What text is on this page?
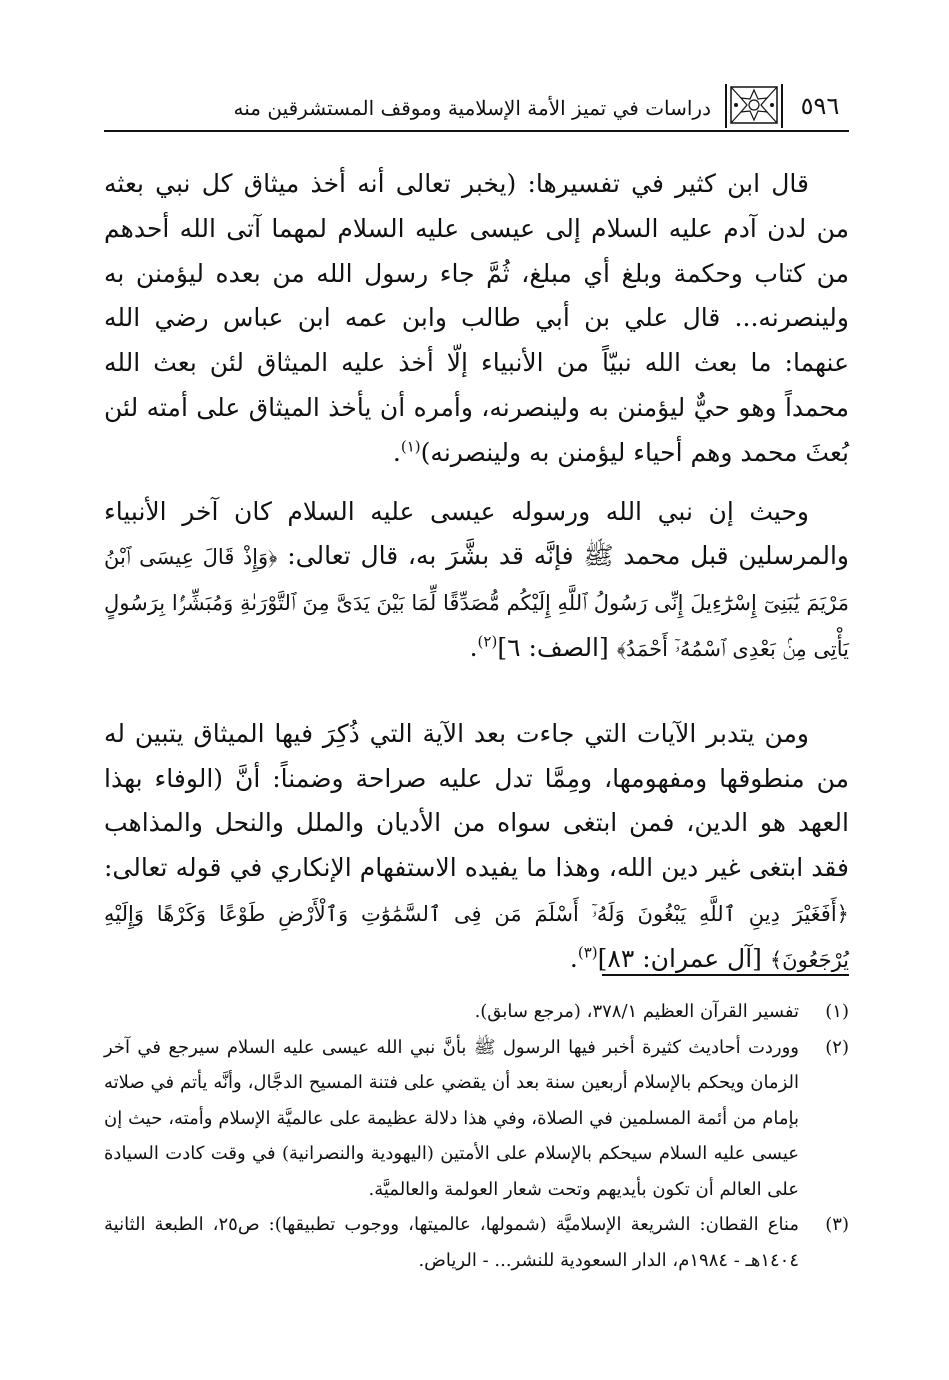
٥٩٦
دراسات في تميز الأمة الإسلامية وموقف المستشرقين منه

قال ابن كثير في تفسيرها: (يخبر تعالى أنه أخذ ميثاق كل نبي بعثه من لدن آدم عليه السلام إلى عيسى عليه السلام لمهما آتى الله أحدهم من كتاب وحكمة وبلغ أي مبلغ، ثُمَّ جاء رسول الله من بعده ليؤمنن به ولينصرنه... قال علي بن أبي طالب وابن عمه ابن عباس رضي الله عنهما: ما بعث الله نبيّاً من الأنبياء إلّا أخذ عليه الميثاق لئن بعث الله محمداً وهو حيٌّ ليؤمنن به ولينصرنه، وأمره أن يأخذ الميثاق على أمته لئن بُعثَ محمد وهم أحياء ليؤمنن به ولينصرنه)$^{(١)}$.

وحيث إن نبي الله ورسوله عيسى عليه السلام كان آخر الأنبياء والمرسلين قبل محمد ﷺ فإنَّه قد بشَّرَ به، قال تعالى: ﴿وَإِذْ قَالَ عِيسَى ٱبْنُ مَرْيَمَ يَٰبَنِىٓ إِسْرَٰٓءِيلَ إِنِّى رَسُولُ ٱللَّهِ إِلَيْكُم مُّصَدِّقًا لِّمَا بَيْنَ يَدَىَّ مِنَ ٱلتَّوْرَىٰةِ وَمُبَشِّرًۢا بِرَسُولٍ يَأْتِى مِنۢ بَعْدِى ٱسْمُهُۥٓ أَحْمَدُ﴾ [الصف: ٦]$^{(٢)}$.

ومن يتدبر الآيات التي جاءت بعد الآية التي ذُكِرَ فيها الميثاق يتبين له من منطوقها ومفهومها، ومِمَّا تدل عليه صراحة وضمناً: أنَّ (الوفاء بهذا العهد هو الدين، فمن ابتغى سواه من الأديان والملل والنحل والمذاهب فقد ابتغى غير دين الله، وهذا ما يفيده الاستفهام الإنكاري في قوله تعالى: ﴿أَفَغَيْرَ دِينِ ٱللَّهِ يَبْغُونَ وَلَهُۥٓ أَسْلَمَ مَن فِى ٱلسَّمَٰوَٰتِ وَٱلْأَرْضِ طَوْعًا وَكَرْهًا وَإِلَيْهِ يُرْجَعُونَ﴾ [آل عمران: ٨٣]$^{(٣)}$.

(١)
تفسير القرآن العظيم ٣٧٨/١، (مرجع سابق).
(٢)
ووردت أحاديث كثيرة أخبر فيها الرسول ﷺ بأنَّ نبي الله عيسى عليه السلام سيرجع في آخر الزمان ويحكم بالإسلام أربعين سنة بعد أن يقضي على فتنة المسيح الدجَّال، وأنَّه يأتم في صلاته بإمام من أئمة المسلمين في الصلاة، وفي هذا دلالة عظيمة على عالميَّة الإسلام وأمته، حيث إن عيسى عليه السلام سيحكم بالإسلام على الأمتين (اليهودية والنصرانية) في وقت كادت السيادة على العالم أن تكون بأيديهم وتحت شعار العولمة والعالميَّة.
(٣)
مناع القطان: الشريعة الإسلاميَّة (شمولها، عالميتها، ووجوب تطبيقها): ص٢٥، الطبعة الثانية ١٤٠٤هـ - ١٩٨٤م، الدار السعودية للنشر... - الرياض.
